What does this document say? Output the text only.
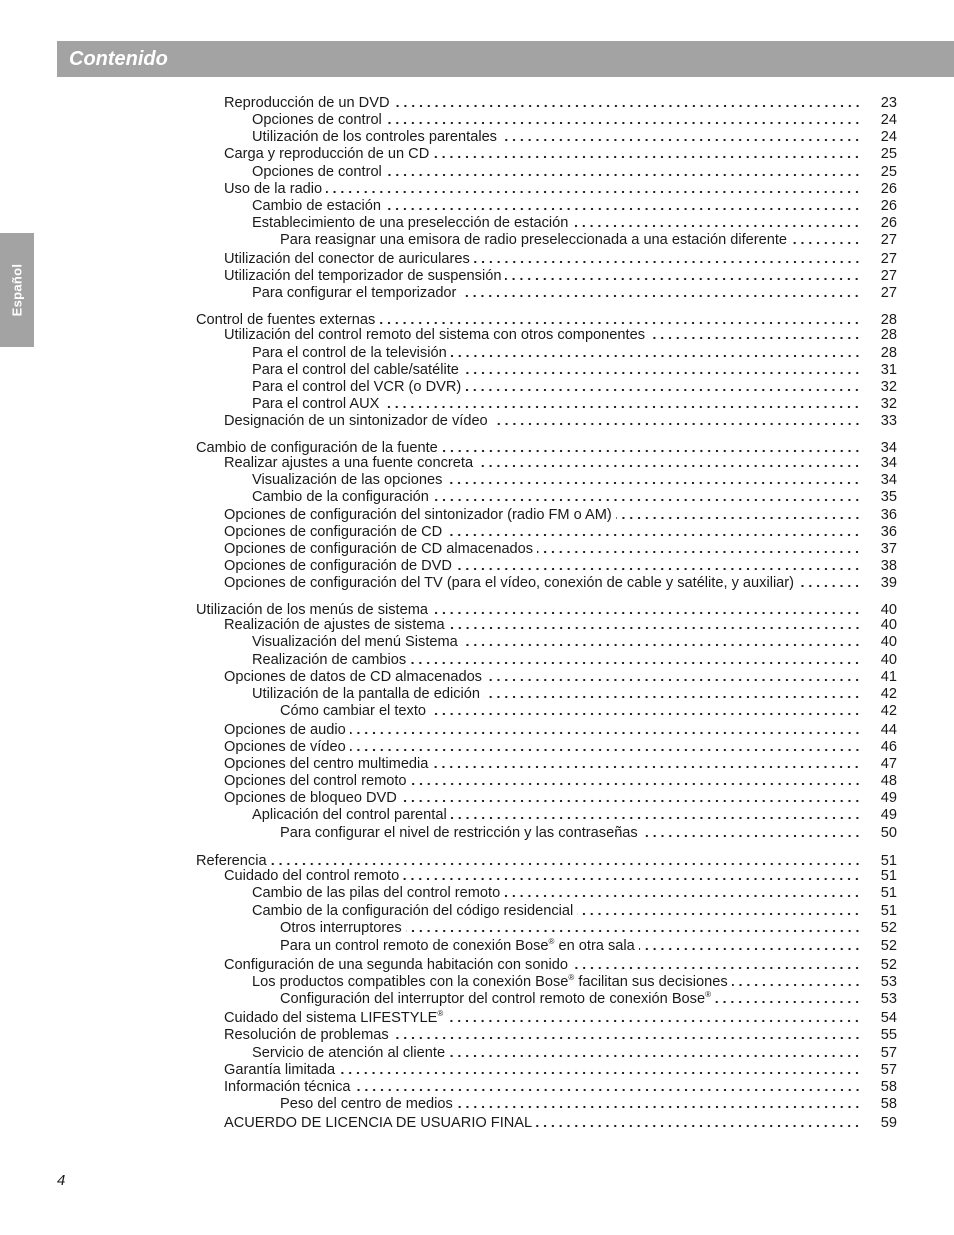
Contenido
Español
Reproducción de un DVD	23
Opciones de control	24
Utilización de los controles parentales	24
Carga y reproducción de un CD	25
Opciones de control	25
Uso de la radio	26
Cambio de estación	26
Establecimiento de una preselección de estación	26
Para reasignar una emisora de radio preseleccionada a una estación diferente	27
Utilización del conector de auriculares	27
Utilización del temporizador de suspensión	27
Para configurar el temporizador	27
Control de fuentes externas	28
Utilización del control remoto del sistema con otros componentes	28
Para el control de la televisión	28
Para el control del cable/satélite	31
Para el control del VCR (o DVR)	32
Para el control AUX	32
Designación de un sintonizador de vídeo	33
Cambio de configuración de la fuente	34
Realizar ajustes a una fuente concreta	34
Visualización de las opciones	34
Cambio de la configuración	35
Opciones de configuración del sintonizador (radio FM o AM)	36
Opciones de configuración de CD	36
Opciones de configuración de CD almacenados	37
Opciones de configuración de DVD	38
Opciones de configuración del TV (para el vídeo, conexión de cable y satélite, y auxiliar)	39
Utilización de los menús de sistema	40
Realización de ajustes de sistema	40
Visualización del menú Sistema	40
Realización de cambios	40
Opciones de datos de CD almacenados	41
Utilización de la pantalla de edición	42
Cómo cambiar el texto	42
Opciones de audio	44
Opciones de vídeo	46
Opciones del centro multimedia	47
Opciones del control remoto	48
Opciones de bloqueo DVD	49
Aplicación del control parental	49
Para configurar el nivel de restricción y las contraseñas	50
Referencia	51
Cuidado del control remoto	51
Cambio de las pilas del control remoto	51
Cambio de la configuración del código residencial	51
Otros interruptores	52
Para un control remoto de conexión Bose® en otra sala	52
Configuración de una segunda habitación con sonido	52
Los productos compatibles con la conexión Bose® facilitan sus decisiones	53
Configuración del interruptor del control remoto de conexión Bose®	53
Cuidado del sistema LIFESTYLE®	54
Resolución de problemas	55
Servicio de atención al cliente	57
Garantía limitada	57
Información técnica	58
Peso del centro de medios	58
ACUERDO DE LICENCIA DE USUARIO FINAL	59
4
